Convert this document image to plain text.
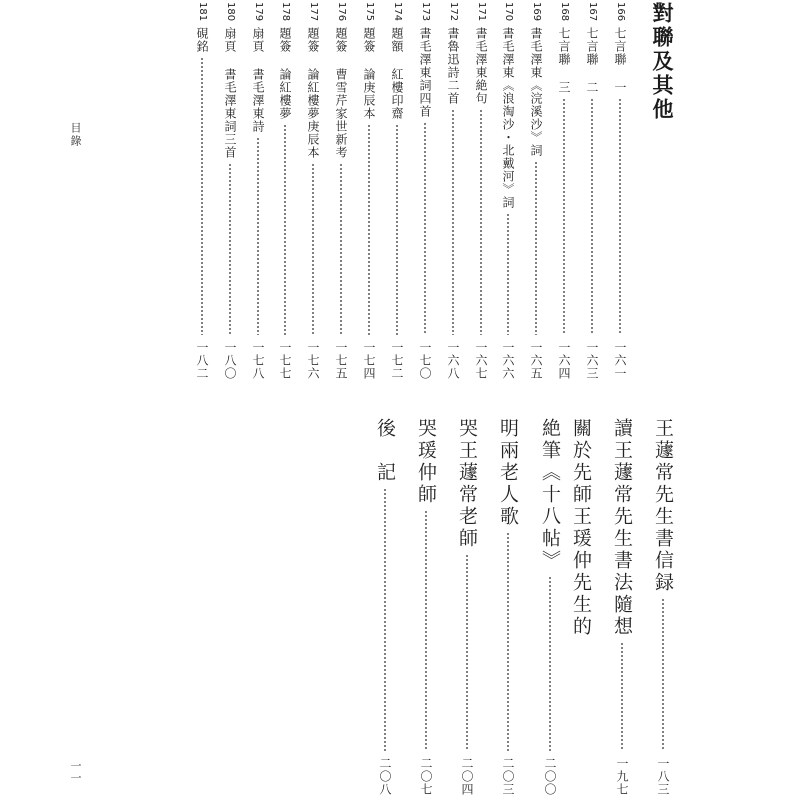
目錄
一一
對聯及其他
166
七言聯 一
一六一
167
七言聯 二
一六三
168
七言聯 三
一六四
169
書毛澤東《浣溪沙》詞
一六五
170
書毛澤東《浪淘沙・北戴河》詞
一六六
171
書毛澤東絶句
一六七
172
書魯迅詩二首
一六八
173
書毛澤東詞四首
一七〇
174
題額 紅樓印齋
一七二
175
題簽 論庚辰本
一七四
176
題簽 曹雪芹家世新考
一七五
177
題簽 論紅樓夢庚辰本
一七六
178
題簽 論紅樓夢
一七七
179
扇頁 書毛澤東詩
一七八
180
扇頁 書毛澤東詞三首
一八〇
181
硯銘
一八二
王蘧常先生書信録
一八三
讀王蘧常先生書法隨想
一九七
關於先師王瑗仲先生的
絶筆《十八帖》
二〇〇
明兩老人歌
二〇三
哭王蘧常老師
二〇四
哭瑗仲師
二〇七
後　記
二〇八
